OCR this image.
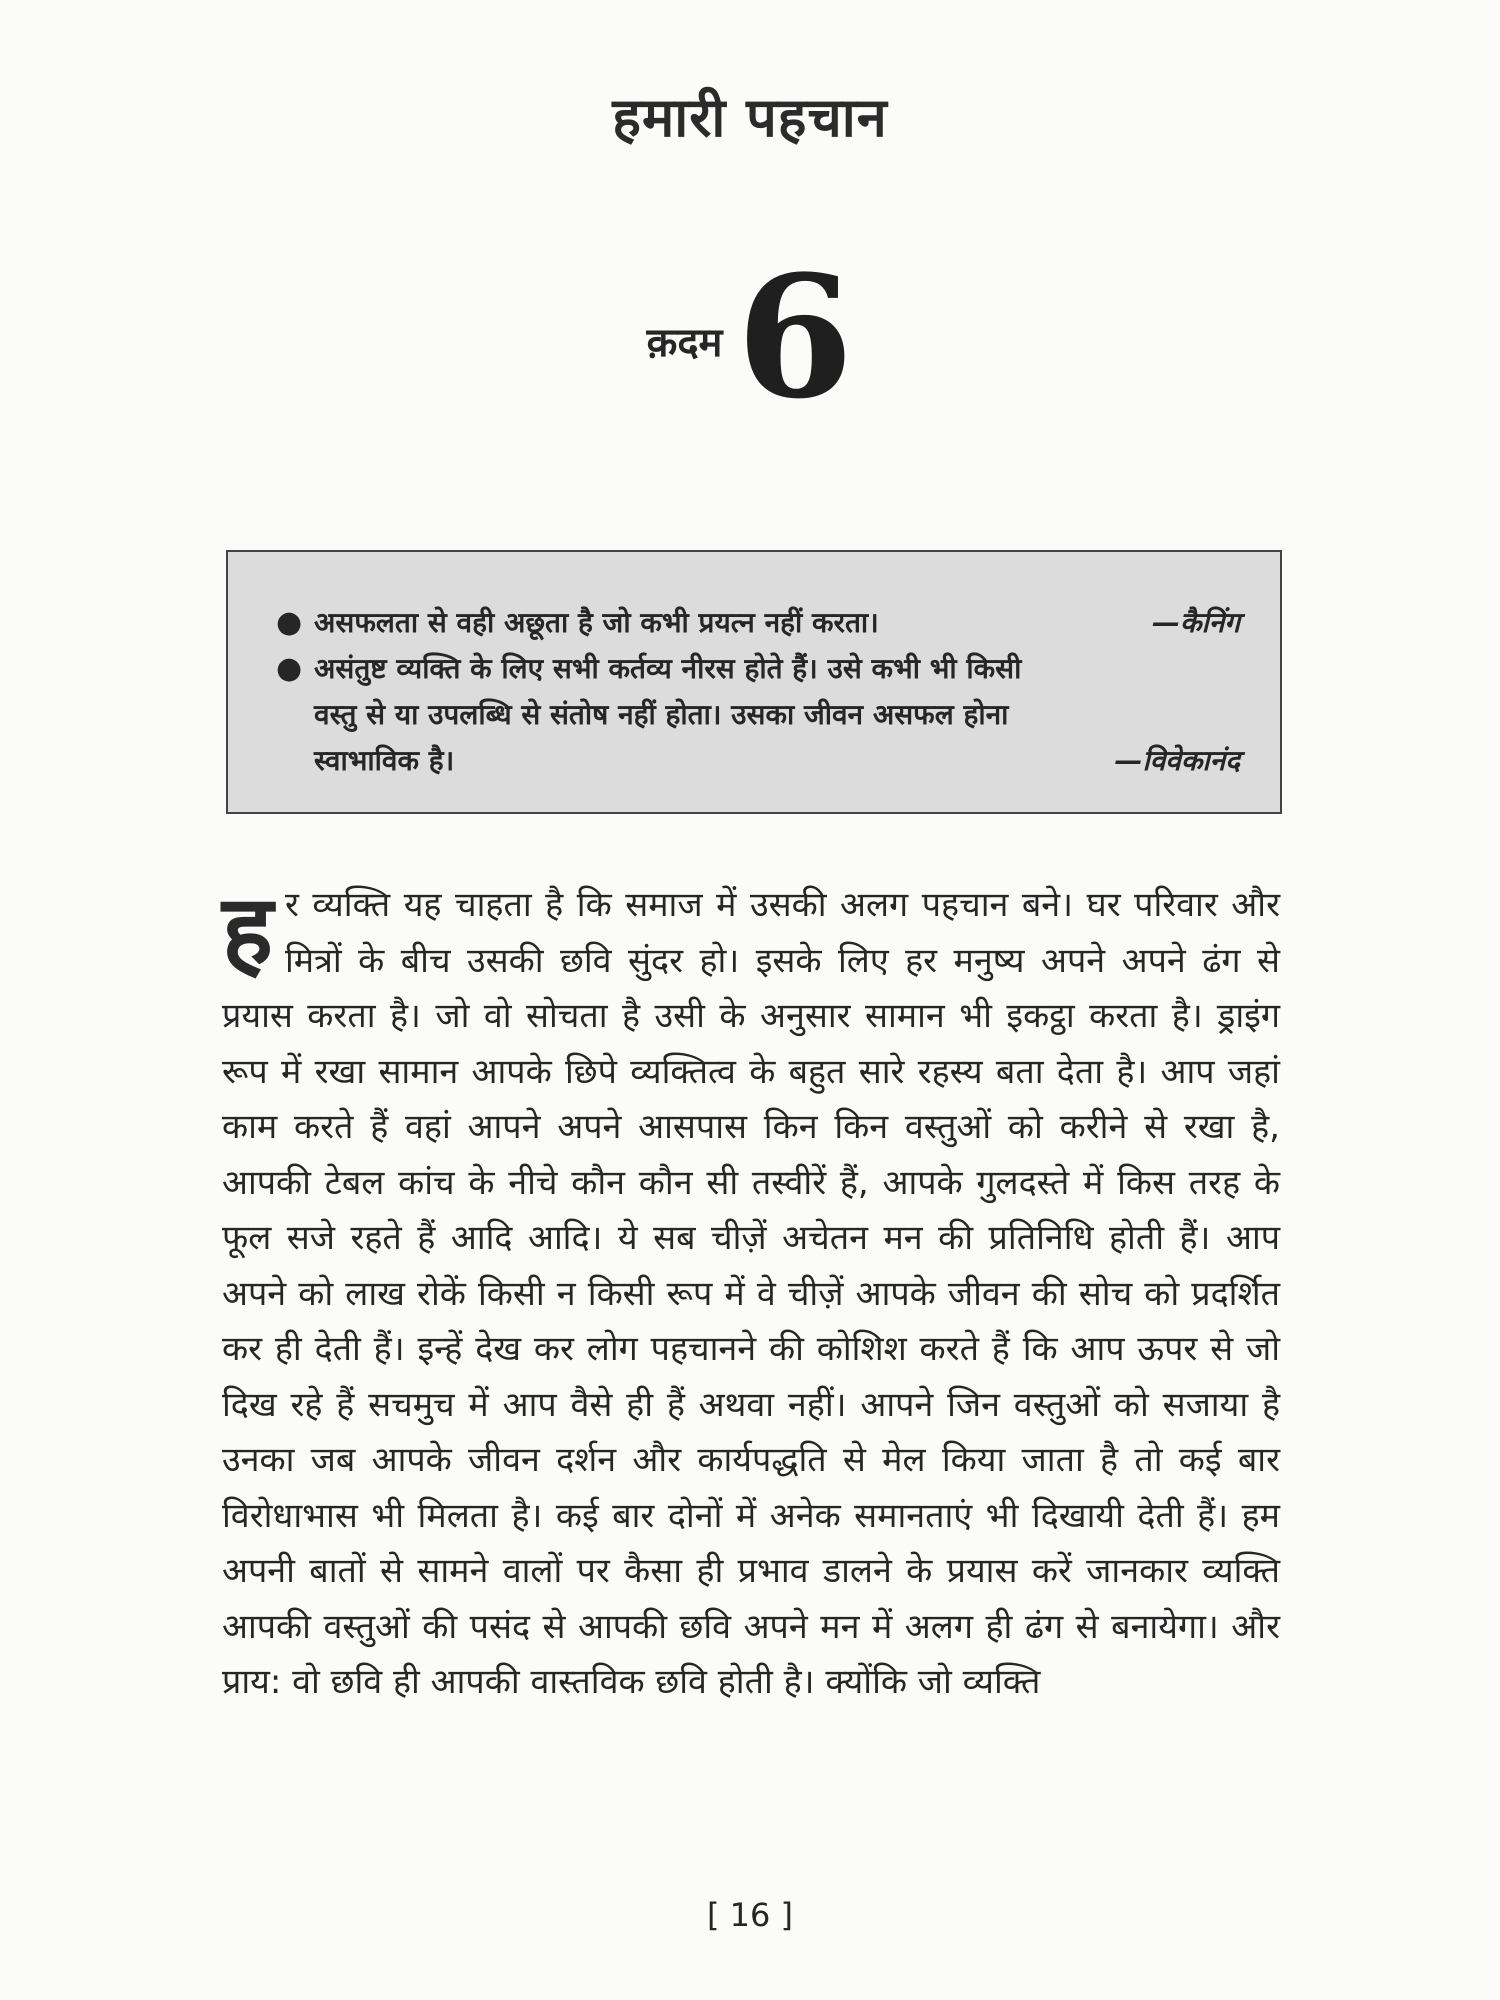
हमारी पहचान
क़दम 6
● असफलता से वही अछूता है जो कभी प्रयत्न नहीं करता।	—कैनिंग
● असंतुष्ट व्यक्ति के लिए सभी कर्तव्य नीरस होते हैं। उसे कभी भी किसी
वस्तु से या उपलब्धि से संतोष नहीं होता। उसका जीवन असफल होना
स्वाभाविक है।	—विवेकानंद

हर व्यक्ति यह चाहता है कि समाज में उसकी अलग पहचान बने। घर परिवार और मित्रों के बीच उसकी छवि सुंदर हो। इसके लिए हर मनुष्य अपने अपने ढंग से प्रयास करता है। जो वो सोचता है उसी के अनुसार सामान भी इकट्ठा करता है। ड्राइंग रूप में रखा सामान आपके छिपे व्यक्तित्व के बहुत सारे रहस्य बता देता है। आप जहां काम करते हैं वहां आपने अपने आसपास किन किन वस्तुओं को करीने से रखा है, आपकी टेबल कांच के नीचे कौन कौन सी तस्वीरें हैं, आपके गुलदस्ते में किस तरह के फूल सजे रहते हैं आदि आदि। ये सब चीज़ें अचेतन मन की प्रतिनिधि होती हैं। आप अपने को लाख रोकें किसी न किसी रूप में वे चीज़ें आपके जीवन की सोच को प्रदर्शित कर ही देती हैं। इन्हें देख कर लोग पहचानने की कोशिश करते हैं कि आप ऊपर से जो दिख रहे हैं सचमुच में आप वैसे ही हैं अथवा नहीं। आपने जिन वस्तुओं को सजाया है उनका जब आपके जीवन दर्शन और कार्यपद्धति से मेल किया जाता है तो कई बार विरोधाभास भी मिलता है। कई बार दोनों में अनेक समानताएं भी दिखायी देती हैं। हम अपनी बातों से सामने वालों पर कैसा ही प्रभाव डालने के प्रयास करें जानकार व्यक्ति आपकी वस्तुओं की पसंद से आपकी छवि अपने मन में अलग ही ढंग से बनायेगा। और प्राय: वो छवि ही आपकी वास्तविक छवि होती है। क्योंकि जो व्यक्ति

[ 16 ]
